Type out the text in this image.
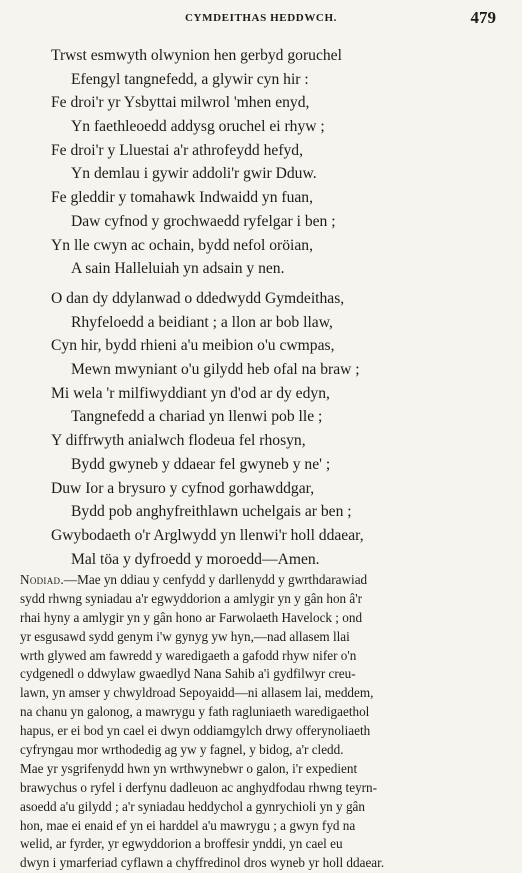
CYMDEITHAS HEDDWCH.	479
Trwst esmwyth olwynion hen gerbyd goruchel
Efengyl tangnefedd, a glywir cyn hir :
Fe droi'r yr Ysbyttai milwrol 'mhen enyd,
Yn faethleoedd addysg oruchel ei rhyw ;
Fe droi'r y Lluestai a'r athrofeydd hefyd,
Yn demlau i gywir addoli'r gwir Dduw.
Fe gleddir y tomahawk Indwaidd yn fuan,
Daw cyfnod y grochwaedd ryfelgar i ben ;
Yn lle cwyn ac ochain, bydd nefol oröian,
A sain Halleluiah yn adsain y nen.
O dan dy ddylanwad o ddedwydd Gymdeithas,
Rhyfeloedd a beidiant ; a llon ar bob llaw,
Cyn hir, bydd rhieni a'u meibion o'u cwmpas,
Mewn mwyniant o'u gilydd heb ofal na braw ;
Mi wela 'r milfiwyddiant yn d'od ar dy edyn,
Tangnefedd a chariad yn llenwi pob lle ;
Y diffrwyth anialwch flodeua fel rhosyn,
Bydd gwyneb y ddaear fel gwyneb y ne' ;
Duw Ior a brysuro y cyfnod gorhawddgar,
Bydd pob anghyfreithlawn uchelgais ar ben ;
Gwybodaeth o'r Arglwydd yn llenwi'r holl ddaear,
Mal töa y dyfroedd y moroedd—Amen.
Nodiad.—Mae yn ddiau y cenfydd y darllenydd y gwrthdarawiad
sydd rhwng syniadau a'r egwyddorion a amlygir yn y gân hon â'r
rhai hyny a amlygir yn y gân hono ar Farwolaeth Havelock ; ond
yr esgusawd sydd genym i'w gynyg yw hyn,—nad allasem llai
wrth glywed am fawredd y waredigaeth a gafodd rhyw nifer o'n
cydgenedl o ddwylaw gwaedlyd Nana Sahib a'i gydfilwyr creu-
lawn, yn amser y chwyldroad Sepoyaidd—ni allasem lai, meddem,
na chanu yn galonog, a mawrygu y fath ragluniaeth waredigaethol
hapus, er ei bod yn cael ei dwyn oddiamgylch drwy offerynoliaeth
cyfryngau mor wrthodedig ag yw y fagnel, y bidog, a'r cledd.
Mae yr ysgrifenydd hwn yn wrthwynebwr o galon, i'r expedient
brawychus o ryfel i derfynu dadleuon ac anghydfodau rhwng teyrn-
asoedd a'u gilydd ; a'r syniadau heddychol a gynrychioli yn y gân
hon, mae ei enaid ef yn ei harddel a'u mawrygu ; a gwyn fyd na
welid, ar fyrder, yr egwyddorion a broffesir ynddi, yn cael eu
dwyn i ymarferiad cyflawn a chyffredinol dros wyneb yr holl ddaear.
